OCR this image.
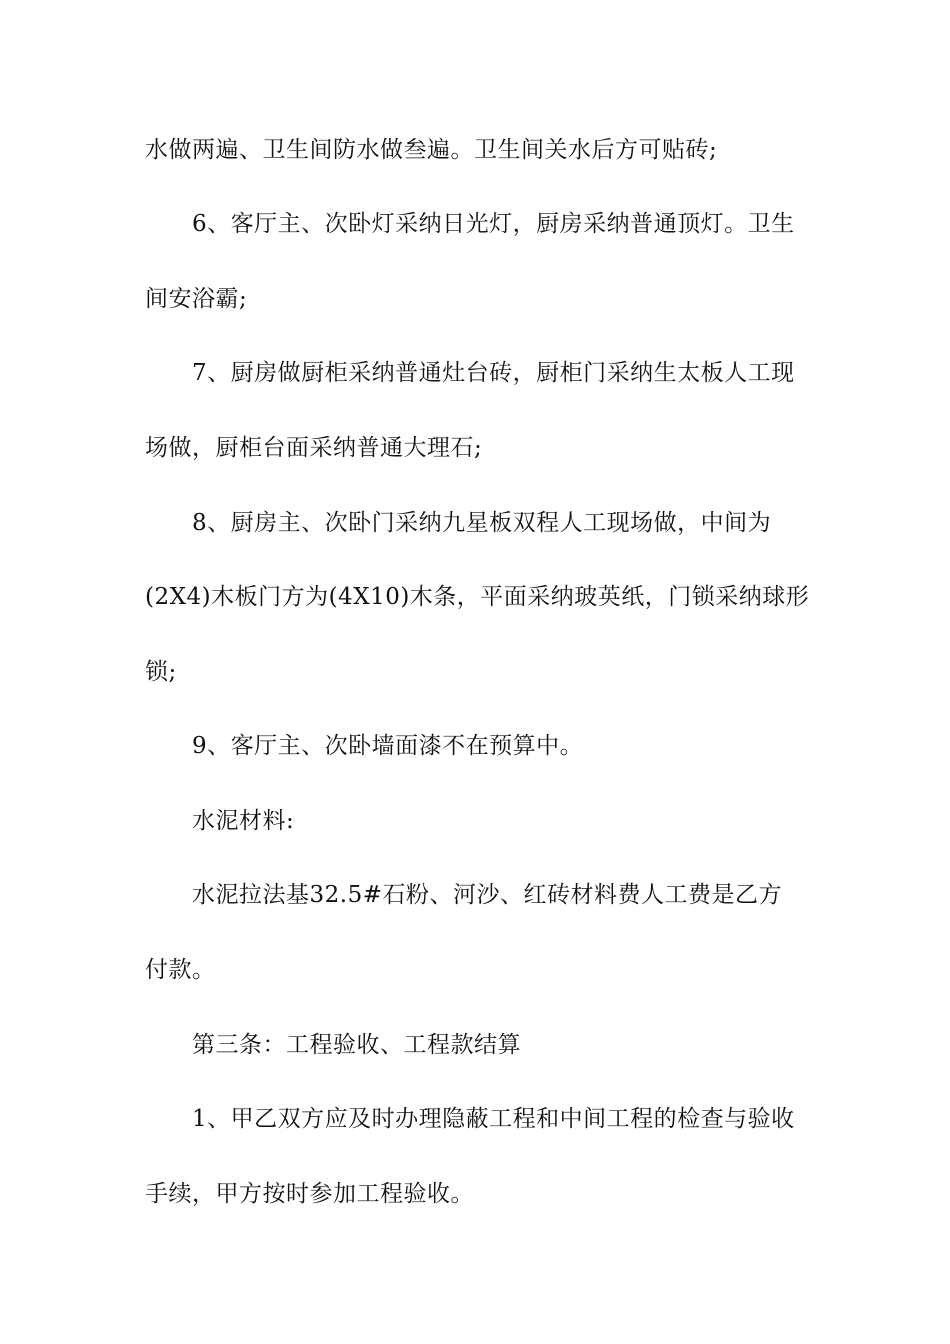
水做两遍、卫生间防水做叁遍。卫生间关水后方可贴砖;

6、客厅主、次卧灯采纳日光灯，厨房采纳普通顶灯。卫生

间安浴霸;

7、厨房做厨柜采纳普通灶台砖，厨柜门采纳生太板人工现

场做，厨柜台面采纳普通大理石;

8、厨房主、次卧门采纳九星板双程人工现场做，中间为

(2X4)木板门方为(4X10)木条，平面采纳玻英纸，门锁采纳球形

锁;

9、客厅主、次卧墙面漆不在预算中。

水泥材料:

水泥拉法基32.5#石粉、河沙、红砖材料费人工费是乙方

付款。

第三条：工程验收、工程款结算

1、甲乙双方应及时办理隐蔽工程和中间工程的检查与验收

手续，甲方按时参加工程验收。
